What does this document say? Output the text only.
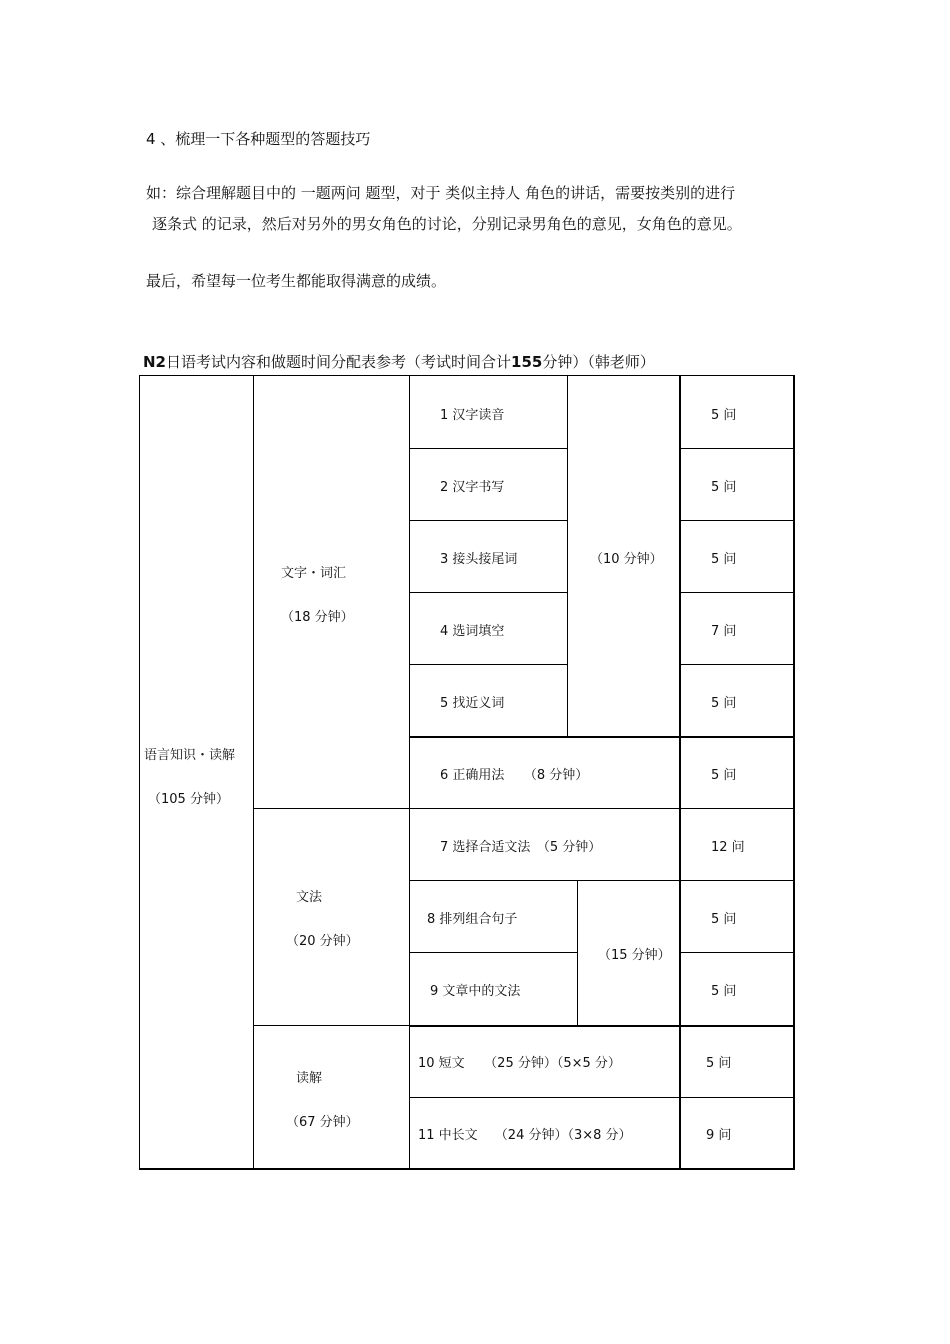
4 、梳理一下各种题型的答题技巧
如：综合理解题目中的 一题两问 题型，对于 类似主持人 角色的讲话，需要按类别的进行
逐条式 的记录，然后对另外的男女角色的讨论，分别记录男角色的意见，女角色的意见。
最后，希望每一位考生都能取得满意的成绩。
N2日语考试内容和做题时间分配表参考（考试时间合计155分钟）（韩老师）
语言知识・读解
（105 分钟）
文字・词汇
（18 分钟）
文法
（20 分钟）
读解
（67 分钟）
1 汉字读音
2 汉字书写
3 接头接尾词
4 选词填空
5 找近义词
（10 分钟）
6 正确用法　　（8 分钟）
7 选择合适文法　（5 分钟）
8 排列组合句子
9 文章中的文法
（15 分钟）
10 短文　　（25 分钟）（5×5 分）
11 中长文　 （24 分钟）（3×8 分）
5 问
5 问
5 问
7 问
5 问
5 问
12 问
5 问
5 问
5 问
9 问
